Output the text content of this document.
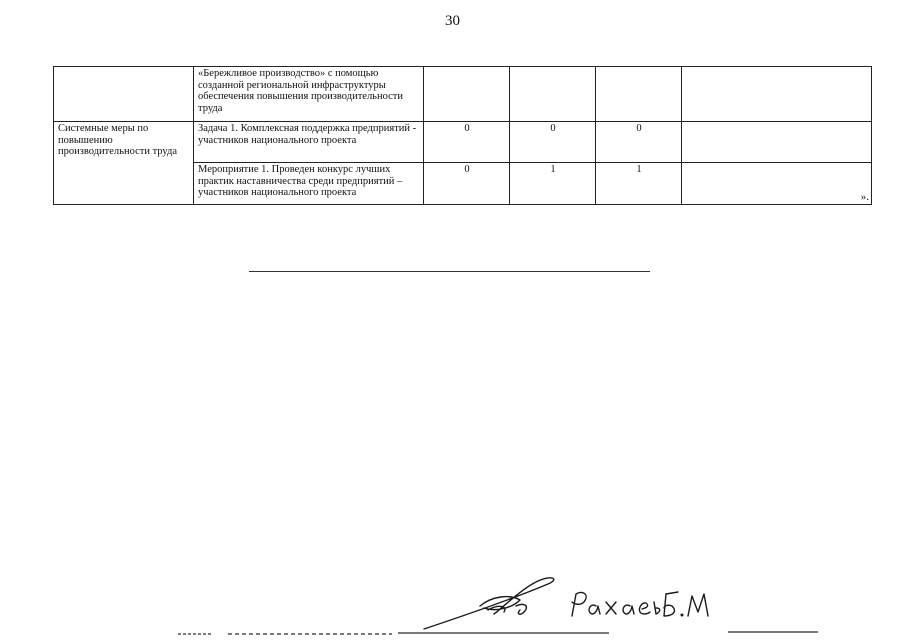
30
	«Бережливое производство» с помощью созданной региональной инфраструктуры обеспечения повышения производительности труда				
Системные меры по повышению производительности труда	Задача 1. Комплексная поддержка предприятий - участников национального проекта	0	0	0	
	Мероприятие 1. Проведен конкурс лучших практик наставничества среди предприятий – участников национального проекта	0	1	1	».
